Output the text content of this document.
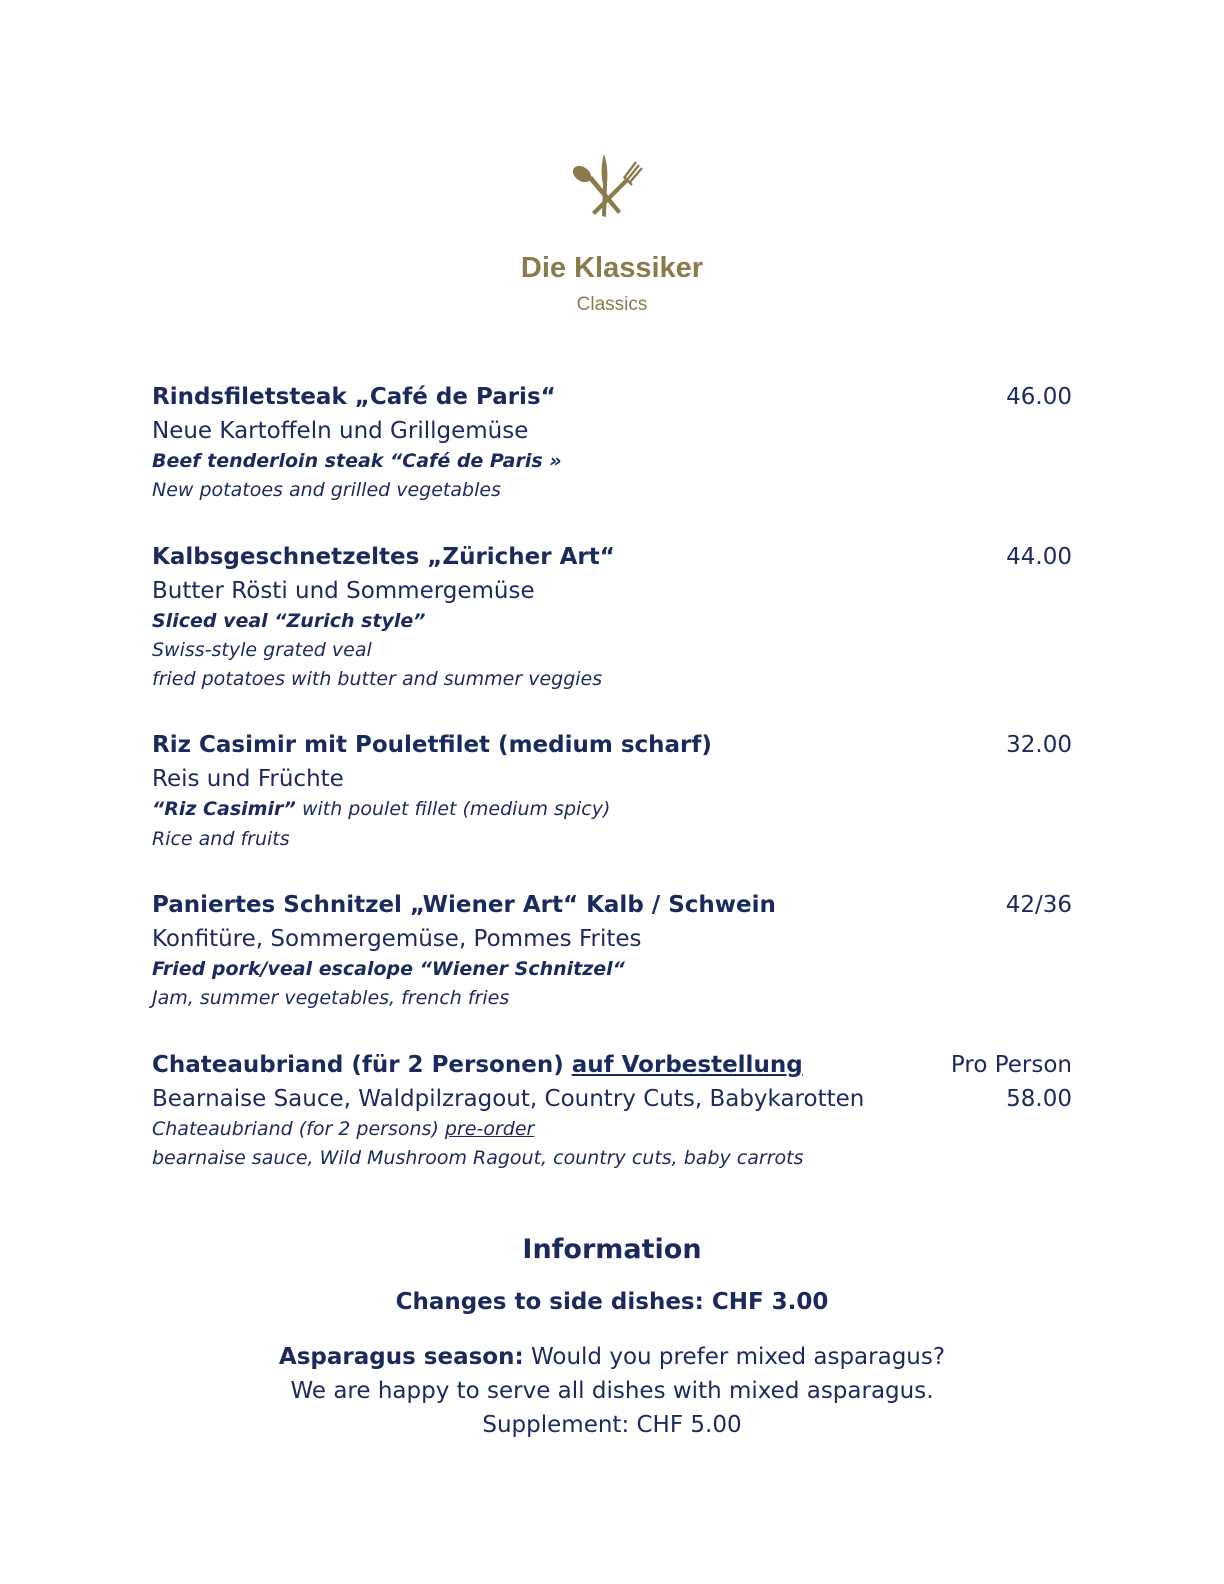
Die Klassiker
Classics
Rindsfiletsteak „Café de Paris“
Neue Kartoffeln und Grillgemüse
Beef tenderloin steak “Café de Paris »
New potatoes and grilled vegetables
46.00
Kalbsgeschnetzeltes „Züricher Art“
Butter Rösti und Sommergemüse
Sliced veal “Zurich style”
Swiss-style grated veal
fried potatoes with butter and summer veggies
44.00
Riz Casimir mit Pouletfilet (medium scharf)
Reis und Früchte
“Riz Casimir” with poulet fillet (medium spicy)
Rice and fruits
32.00
Paniertes Schnitzel „Wiener Art“ Kalb / Schwein
Konfitüre, Sommergemüse, Pommes Frites
Fried pork/veal escalope “Wiener Schnitzel“
Jam, summer vegetables, french fries
42/36
Chateaubriand (für 2 Personen) auf Vorbestellung
Bearnaise Sauce, Waldpilzragout, Country Cuts, Babykarotten
Chateaubriand (for 2 persons) pre-order
bearnaise sauce, Wild Mushroom Ragout, country cuts, baby carrots
Pro Person
58.00
Information
Changes to side dishes: CHF 3.00
Asparagus season: Would you prefer mixed asparagus?
We are happy to serve all dishes with mixed asparagus.
Supplement: CHF 5.00
